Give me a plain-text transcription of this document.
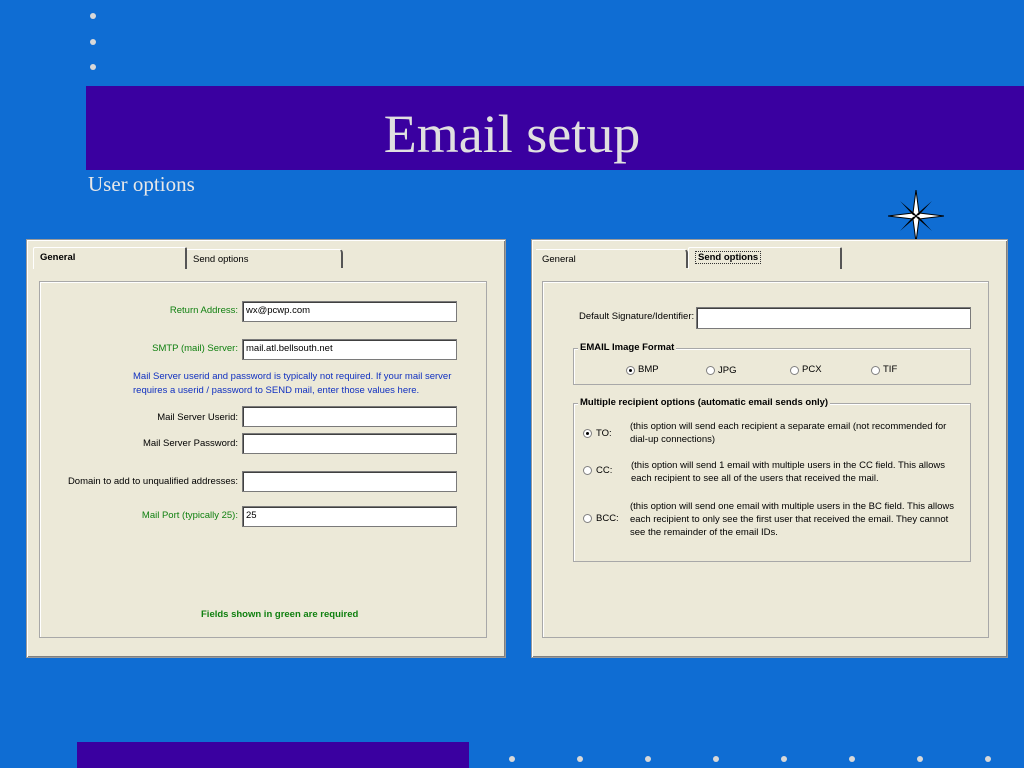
Email setup
User options
General	Send options
Return Address: wx@pcwp.com
SMTP (mail) Server: mail.atl.bellsouth.net
Mail Server userid and password is typically not required. If your mail server
requires a userid / password to SEND mail, enter those values here.
Mail Server Userid:
Mail Server Password:
Domain to add to unqualified addresses:
Mail Port (typically 25): 25
Fields shown in green are required
General	Send options
Default Signature/Identifier:
EMAIL Image Format
BMP	JPG	PCX	TIF
Multiple recipient options (automatic email sends only)
TO:
(this option will send each recipient a separate email (not recommended for
dial-up connections)
CC: (this option will send 1 email with multiple users in the CC field. This allows
each recipient to see all of the users that received the mail.
BCC:
(this option will send one email with multiple users in the BC field. This allows
each recipient to only see the first user that received the email. They cannot
see the remainder of the email IDs.
